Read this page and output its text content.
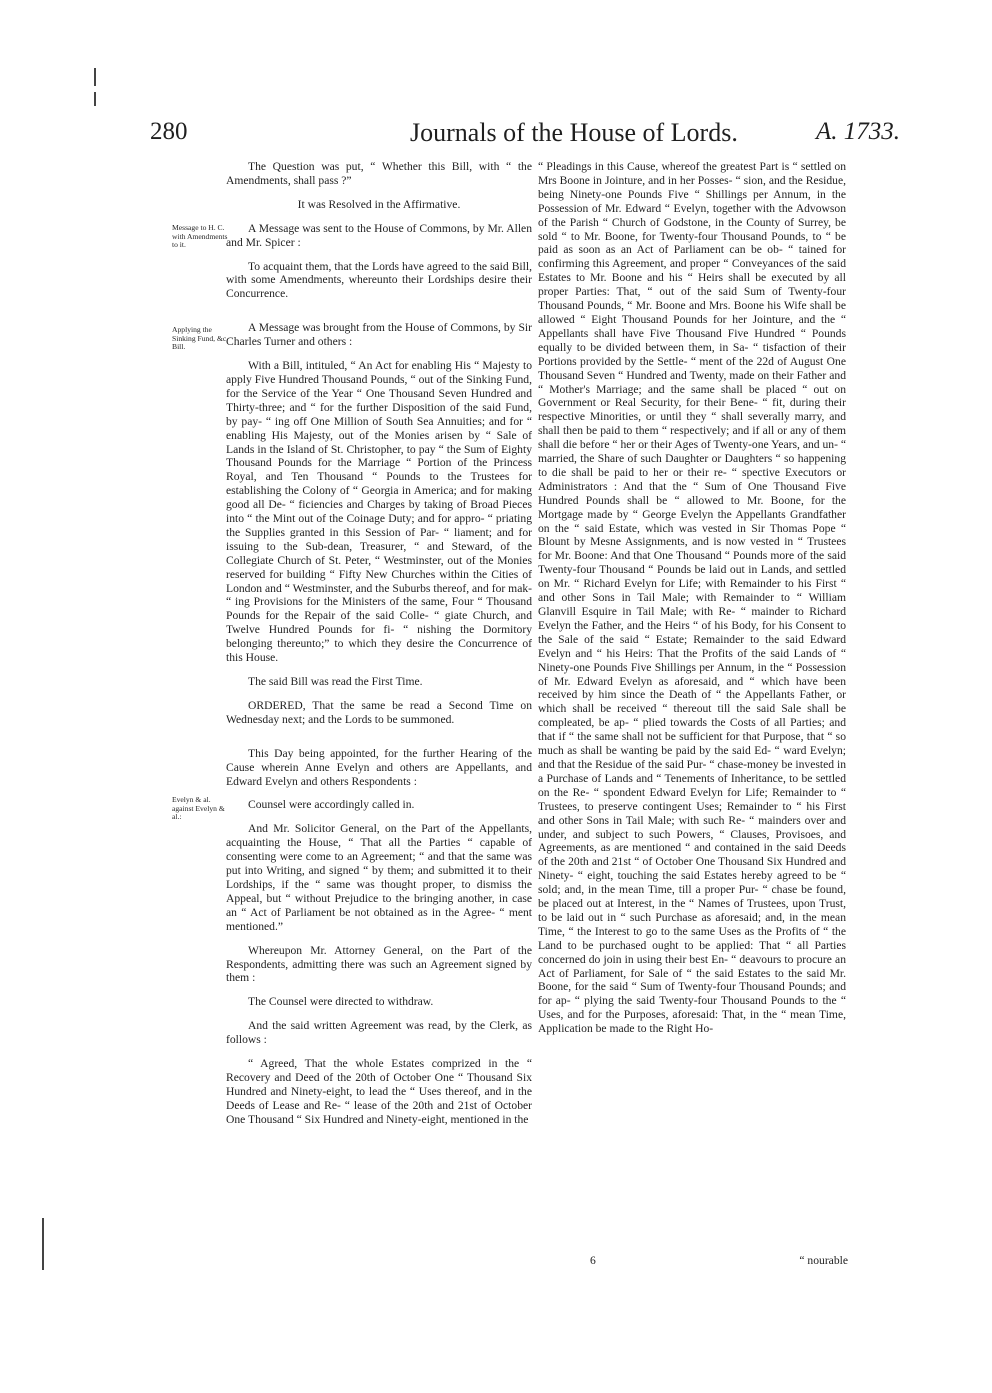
280	Journals of the House of Lords.	A. 1733.
Message to H. C. with Amendments to it.
Applying the Sinking Fund, &c. Bill.
Evelyn & al. against Evelyn & al.:

The Question was put, “ Whether this Bill, with “ the Amendments, shall pass ?”

It was Resolved in the Affirmative.

A Message was sent to the House of Commons, by Mr. Allen and Mr. Spicer :

To acquaint them, that the Lords have agreed to the said Bill, with some Amendments, whereunto their Lordships desire their Concurrence.

A Message was brought from the House of Commons, by Sir Charles Turner and others :

With a Bill, intituled, “ An Act for enabling His “ Majesty to apply Five Hundred Thousand Pounds, “ out of the Sinking Fund, for the Service of the Year “ One Thousand Seven Hundred and Thirty-three; and “ for the further Disposition of the said Fund, by pay- “ ing off One Million of South Sea Annuities; and for “ enabling His Majesty, out of the Monies arisen by “ Sale of Lands in the Island of St. Christopher, to pay “ the Sum of Eighty Thousand Pounds for the Marriage “ Portion of the Princess Royal, and Ten Thousand “ Pounds to the Trustees for establishing the Colony of “ Georgia in America; and for making good all De- “ ficiencies and Charges by taking of Broad Pieces into “ the Mint out of the Coinage Duty; and for appro- “ priating the Supplies granted in this Session of Par- “ liament; and for issuing to the Sub-dean, Treasurer, “ and Steward, of the Collegiate Church of St. Peter, “ Westminster, out of the Monies reserved for building “ Fifty New Churches within the Cities of London and “ Westminster, and the Suburbs thereof, and for mak- “ ing Provisions for the Ministers of the same, Four “ Thousand Pounds for the Repair of the said Colle- “ giate Church, and Twelve Hundred Pounds for fi- “ nishing the Dormitory belonging thereunto;” to which they desire the Concurrence of this House.

The said Bill was read the First Time.

ORDERED, That the same be read a Second Time on Wednesday next; and the Lords to be summoned.

This Day being appointed, for the further Hearing of the Cause wherein Anne Evelyn and others are Appellants, and Edward Evelyn and others Respondents :

Counsel were accordingly called in.

And Mr. Solicitor General, on the Part of the Appellants, acquainting the House, “ That all the Parties “ capable of consenting were come to an Agreement; “ and that the same was put into Writing, and signed “ by them; and submitted it to their Lordships, if the “ same was thought proper, to dismiss the Appeal, but “ without Prejudice to the bringing another, in case an “ Act of Parliament be not obtained as in the Agree- “ ment mentioned.”

Whereupon Mr. Attorney General, on the Part of the Respondents, admitting there was such an Agreement signed by them :

The Counsel were directed to withdraw.

And the said written Agreement was read, by the Clerk, as follows :

“ Agreed, That the whole Estates comprized in the “ Recovery and Deed of the 20th of October One “ Thousand Six Hundred and Ninety-eight, to lead the “ Uses thereof, and in the Deeds of Lease and Re- “ lease of the 20th and 21st of October One Thousand “ Six Hundred and Ninety-eight, mentioned in the

“ Pleadings in this Cause, whereof the greatest Part is “ settled on Mrs Boone in Jointure, and in her Posses- “ sion, and the Residue, being Ninety-one Pounds Five “ Shillings per Annum, in the Possession of Mr. Edward “ Evelyn, together with the Advowson of the Parish “ Church of Godstone, in the County of Surrey, be sold “ to Mr. Boone, for Twenty-four Thousand Pounds, to “ be paid as soon as an Act of Parliament can be ob- “ tained for confirming this Agreement, and proper “ Conveyances of the said Estates to Mr. Boone and his “ Heirs shall be executed by all proper Parties: That, “ out of the said Sum of Twenty-four Thousand Pounds, “ Mr. Boone and Mrs. Boone his Wife shall be allowed “ Eight Thousand Pounds for her Jointure, and the “ Appellants shall have Five Thousand Five Hundred “ Pounds equally to be divided between them, in Sa- “ tisfaction of their Portions provided by the Settle- “ ment of the 22d of August One Thousand Seven “ Hundred and Twenty, made on their Father and “ Mother's Marriage; and the same shall be placed “ out on Government or Real Security, for their Bene- “ fit, during their respective Minorities, or until they “ shall severally marry, and shall then be paid to them “ respectively; and if all or any of them shall die before “ her or their Ages of Twenty-one Years, and un- “ married, the Share of such Daughter or Daughters “ so happening to die shall be paid to her or their re- “ spective Executors or Administrators : And that the “ Sum of One Thousand Five Hundred Pounds shall be “ allowed to Mr. Boone, for the Mortgage made by “ George Evelyn the Appellants Grandfather on the “ said Estate, which was vested in Sir Thomas Pope “ Blount by Mesne Assignments, and is now vested in “ Trustees for Mr. Boone: And that One Thousand “ Pounds more of the said Twenty-four Thousand “ Pounds be laid out in Lands, and settled on Mr. “ Richard Evelyn for Life; with Remainder to his First “ and other Sons in Tail Male; with Remainder to “ William Glanvill Esquire in Tail Male; with Re- “ mainder to Richard Evelyn the Father, and the Heirs “ of his Body, for his Consent to the Sale of the said “ Estate; Remainder to the said Edward Evelyn and “ his Heirs: That the Profits of the said Lands of “ Ninety-one Pounds Five Shillings per Annum, in the “ Possession of Mr. Edward Evelyn as aforesaid, and “ which have been received by him since the Death of “ the Appellants Father, or which shall be received “ thereout till the said Sale shall be compleated, be ap- “ plied towards the Costs of all Parties; and that if “ the same shall not be sufficient for that Purpose, that “ so much as shall be wanting be paid by the said Ed- “ ward Evelyn; and that the Residue of the said Pur- “ chase-money be invested in a Purchase of Lands and “ Tenements of Inheritance, to be settled on the Re- “ spondent Edward Evelyn for Life; Remainder to “ Trustees, to preserve contingent Uses; Remainder to “ his First and other Sons in Tail Male; with such Re- “ mainders over and under, and subject to such Powers, “ Clauses, Provisoes, and Agreements, as are mentioned “ and contained in the said Deeds of the 20th and 21st “ of October One Thousand Six Hundred and Ninety- “ eight, touching the said Estates hereby agreed to be “ sold; and, in the mean Time, till a proper Pur- “ chase be found, be placed out at Interest, in the “ Names of Trustees, upon Trust, to be laid out in “ such Purchase as aforesaid; and, in the mean Time, “ the Interest to go to the same Uses as the Profits of “ the Land to be purchased ought to be applied: That “ all Parties concerned do join in using their best En- “ deavours to procure an Act of Parliament, for Sale of “ the said Estates to the said Mr. Boone, for the said “ Sum of Twenty-four Thousand Pounds; and for ap- “ plying the said Twenty-four Thousand Pounds to the “ Uses, and for the Purposes, aforesaid: That, in the “ mean Time, Application be made to the Right Ho-

6	“ nourable
